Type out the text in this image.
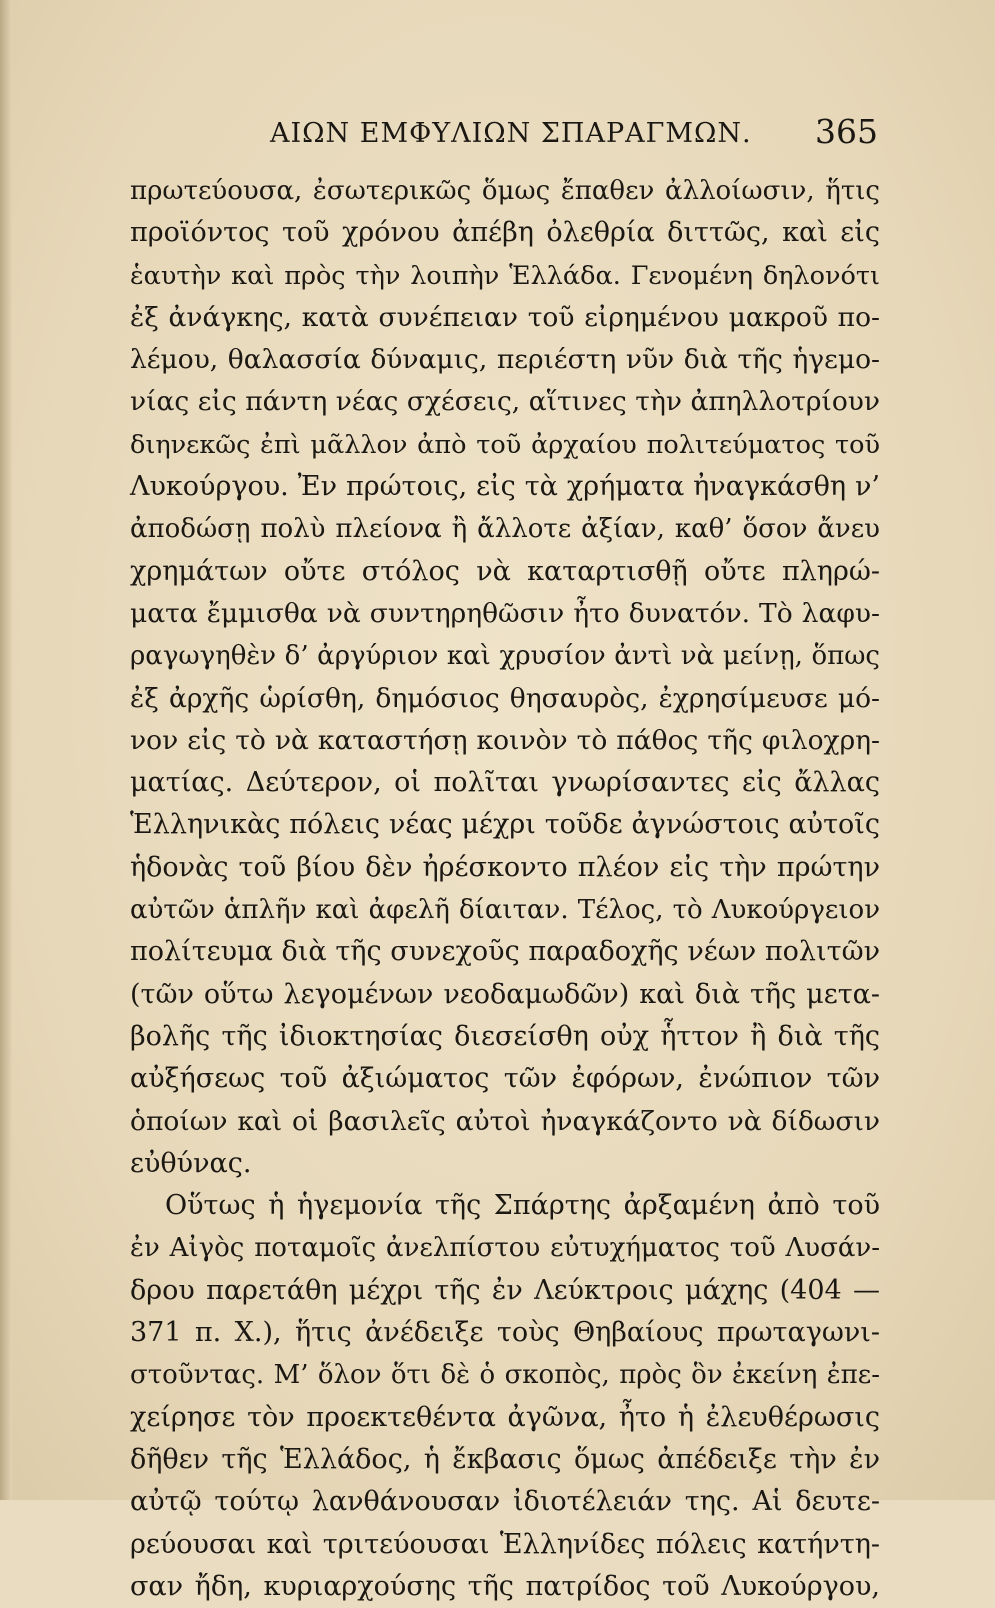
ΑΙΩΝ ΕΜΦΥΛΙΩΝ ΣΠΑΡΑΓΜΩΝ. 365
πρωτεύουσα, ἐσωτερικῶς ὅμως ἔπαθεν ἀλλοίωσιν, ἥτις
προϊόντος τοῦ χρόνου ἀπέβη ὀλεθρία διττῶς, καὶ εἰς
ἑαυτὴν καὶ πρὸς τὴν λοιπὴν Ἑλλάδα. Γενομένη δηλονότι
ἐξ ἀνάγκης, κατὰ συνέπειαν τοῦ εἰρημένου μακροῦ πο-
λέμου, θαλασσία δύναμις, περιέστη νῦν διὰ τῆς ἡγεμο-
νίας εἰς πάντη νέας σχέσεις, αἵτινες τὴν ἀπηλλοτρίουν
διηνεκῶς ἐπὶ μᾶλλον ἀπὸ τοῦ ἀρχαίου πολιτεύματος τοῦ
Λυκούργου. Ἐν πρώτοις, εἰς τὰ χρήματα ἠναγκάσθη ν’
ἀποδώσῃ πολὺ πλείονα ἢ ἄλλοτε ἀξίαν, καθ’ ὅσον ἄνευ
χρημάτων οὔτε στόλος νὰ καταρτισθῇ οὔτε πληρώ-
ματα ἔμμισθα νὰ συντηρηθῶσιν ἦτο δυνατόν. Τὸ λαφυ-
ραγωγηθὲν δ’ ἀργύριον καὶ χρυσίον ἀντὶ νὰ μείνῃ, ὅπως
ἐξ ἀρχῆς ὡρίσθη, δημόσιος θησαυρὸς, ἐχρησίμευσε μό-
νον εἰς τὸ νὰ καταστήσῃ κοινὸν τὸ πάθος τῆς φιλοχρη-
ματίας. Δεύτερον, οἱ πολῖται γνωρίσαντες εἰς ἄλλας
Ἑλληνικὰς πόλεις νέας μέχρι τοῦδε ἀγνώστοις αὐτοῖς
ἡδονὰς τοῦ βίου δὲν ἠρέσκοντο πλέον εἰς τὴν πρώτην
αὐτῶν ἁπλῆν καὶ ἀφελῆ δίαιταν. Τέλος, τὸ Λυκούργειον
πολίτευμα διὰ τῆς συνεχοῦς παραδοχῆς νέων πολιτῶν
(τῶν οὕτω λεγομένων νεοδαμωδῶν) καὶ διὰ τῆς μετα-
βολῆς τῆς ἰδιοκτησίας διεσείσθη οὐχ ἧττον ἢ διὰ τῆς
αὐξήσεως τοῦ ἀξιώματος τῶν ἐφόρων, ἐνώπιον τῶν
ὁποίων καὶ οἱ βασιλεῖς αὐτοὶ ἠναγκάζοντο νὰ δίδωσιν
εὐθύνας.
Οὕτως ἡ ἡγεμονία τῆς Σπάρτης ἀρξαμένη ἀπὸ τοῦ
ἐν Αἰγὸς ποταμοῖς ἀνελπίστου εὐτυχήματος τοῦ Λυσάν-
δρου παρετάθη μέχρι τῆς ἐν Λεύκτροις μάχης (404 —
371 π. Χ.), ἥτις ἀνέδειξε τοὺς Θηβαίους πρωταγωνι-
στοῦντας. Μ’ ὅλον ὅτι δὲ ὁ σκοπὸς, πρὸς ὃν ἐκείνη ἐπε-
χείρησε τὸν προεκτεθέντα ἀγῶνα, ἦτο ἡ ἐλευθέρωσις
δῆθεν τῆς Ἑλλάδος, ἡ ἔκβασις ὅμως ἀπέδειξε τὴν ἐν
αὐτῷ τούτῳ λανθάνουσαν ἰδιοτέλειάν της. Αἱ δευτε-
ρεύουσαι καὶ τριτεύουσαι Ἑλληνίδες πόλεις κατήντη-
σαν ἤδη, κυριαρχούσης τῆς πατρίδος τοῦ Λυκούργου,
